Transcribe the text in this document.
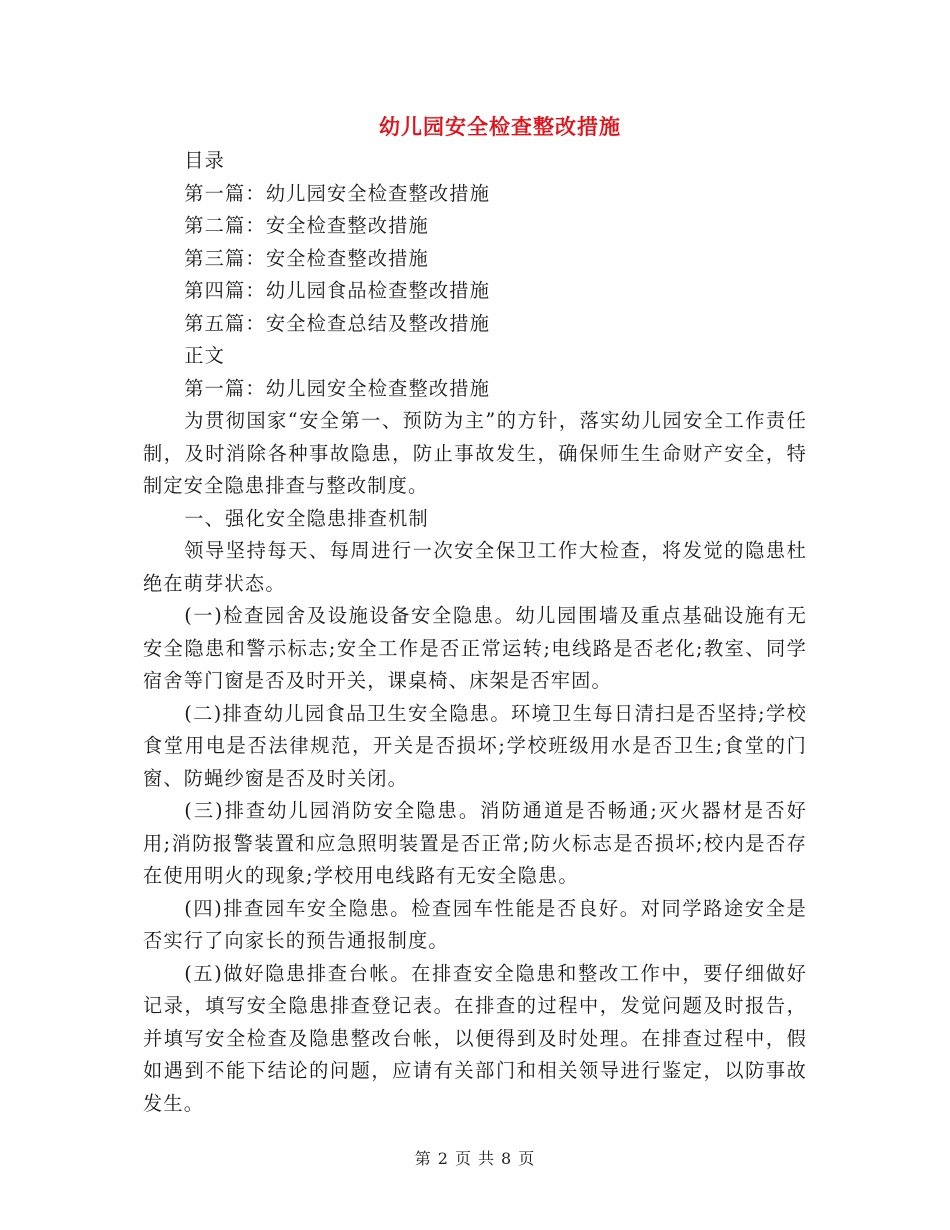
幼儿园安全检查整改措施

目录

第一篇：幼儿园安全检查整改措施

第二篇：安全检查整改措施

第三篇：安全检查整改措施

第四篇：幼儿园食品检查整改措施

第五篇：安全检查总结及整改措施

正文

第一篇：幼儿园安全检查整改措施

为贯彻国家“安全第一、预防为主”的方针，落实幼儿园安全工作责任制，及时消除各种事故隐患，防止事故发生，确保师生生命财产安全，特制定安全隐患排查与整改制度。

一、强化安全隐患排查机制

领导坚持每天、每周进行一次安全保卫工作大检查，将发觉的隐患杜绝在萌芽状态。

(一)检查园舍及设施设备安全隐患。幼儿园围墙及重点基础设施有无安全隐患和警示标志;安全工作是否正常运转;电线路是否老化;教室、同学宿舍等门窗是否及时开关，课桌椅、床架是否牢固。

(二)排查幼儿园食品卫生安全隐患。环境卫生每日清扫是否坚持;学校食堂用电是否法律规范，开关是否损坏;学校班级用水是否卫生;食堂的门窗、防蝇纱窗是否及时关闭。

(三)排查幼儿园消防安全隐患。消防通道是否畅通;灭火器材是否好用;消防报警装置和应急照明装置是否正常;防火标志是否损坏;校内是否存在使用明火的现象;学校用电线路有无安全隐患。

(四)排查园车安全隐患。检查园车性能是否良好。对同学路途安全是否实行了向家长的预告通报制度。

(五)做好隐患排查台帐。在排查安全隐患和整改工作中，要仔细做好记录，填写安全隐患排查登记表。在排查的过程中，发觉问题及时报告，并填写安全检查及隐患整改台帐，以便得到及时处理。在排查过程中，假如遇到不能下结论的问题，应请有关部门和相关领导进行鉴定，以防事故发生。

第 2 页 共 8 页
